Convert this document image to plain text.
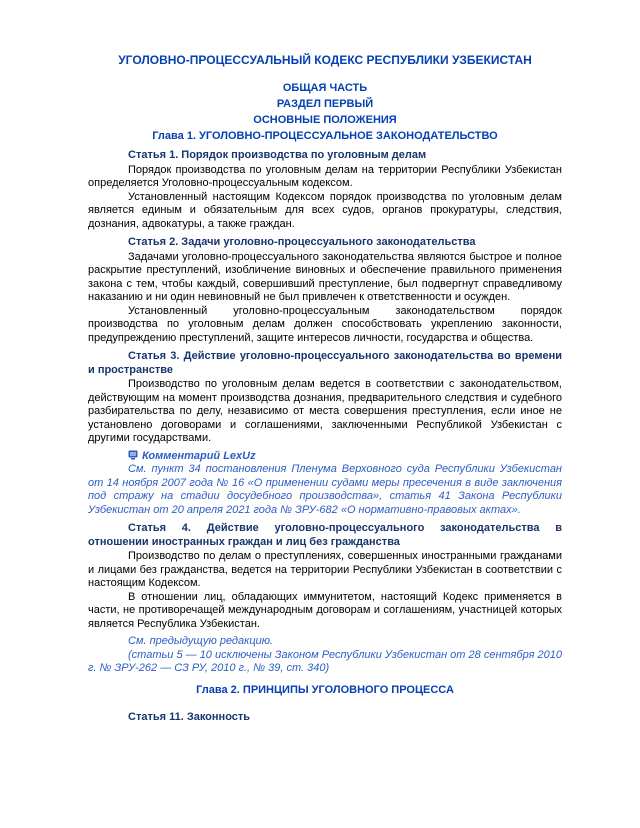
УГОЛОВНО-ПРОЦЕССУАЛЬНЫЙ КОДЕКС РЕСПУБЛИКИ УЗБЕКИСТАН
ОБЩАЯ ЧАСТЬ
РАЗДЕЛ ПЕРВЫЙ
ОСНОВНЫЕ ПОЛОЖЕНИЯ
Глава 1. УГОЛОВНО-ПРОЦЕССУАЛЬНОЕ ЗАКОНОДАТЕЛЬСТВО
Статья 1. Порядок производства по уголовным делам

Порядок производства по уголовным делам на территории Республики Узбекистан определяется Уголовно-процессуальным кодексом.

Установленный настоящим Кодексом порядок производства по уголовным делам является единым и обязательным для всех судов, органов прокуратуры, следствия, дознания, адвокатуры, а также граждан.

Статья 2. Задачи уголовно-процессуального законодательства

Задачами уголовно-процессуального законодательства являются быстрое и полное раскрытие преступлений, изобличение виновных и обеспечение правильного применения закона с тем, чтобы каждый, совершивший преступление, был подвергнут справедливому наказанию и ни один невиновный не был привлечен к ответственности и осужден.

Установленный уголовно-процессуальным законодательством порядок производства по уголовным делам должен способствовать укреплению законности, предупреждению преступлений, защите интересов личности, государства и общества.

Статья 3. Действие уголовно-процессуального законодательства во времени и пространстве

Производство по уголовным делам ведется в соответствии с законодательством, действующим на момент производства дознания, предварительного следствия и судебного разбирательства по делу, независимо от места совершения преступления, если иное не установлено договорами и соглашениями, заключенными Республикой Узбекистан с другими государствами.

Комментарий LexUz

См. пункт 34 постановления Пленума Верховного суда Республики Узбекистан от 14 ноября 2007 года № 16 «О применении судами меры пресечения в виде заключения под стражу на стадии досудебного производства», статья 41 Закона Республики Узбекистан от 20 апреля 2021 года № ЗРУ-682 «О нормативно-правовых актах».

Статья 4. Действие уголовно-процессуального законодательства в отношении иностранных граждан и лиц без гражданства

Производство по делам о преступлениях, совершенных иностранными гражданами и лицами без гражданства, ведется на территории Республики Узбекистан в соответствии с настоящим Кодексом.

В отношении лиц, обладающих иммунитетом, настоящий Кодекс применяется в части, не противоречащей международным договорам и соглашениям, участницей которых является Республика Узбекистан.

См. предыдущую редакцию.

(статьи 5 — 10 исключены Законом Республики Узбекистан от 28 сентября 2010 г. № ЗРУ-262 — СЗ РУ, 2010 г., № 39, ст. 340)

Глава 2. ПРИНЦИПЫ УГОЛОВНОГО ПРОЦЕССА
Статья 11. Законность
